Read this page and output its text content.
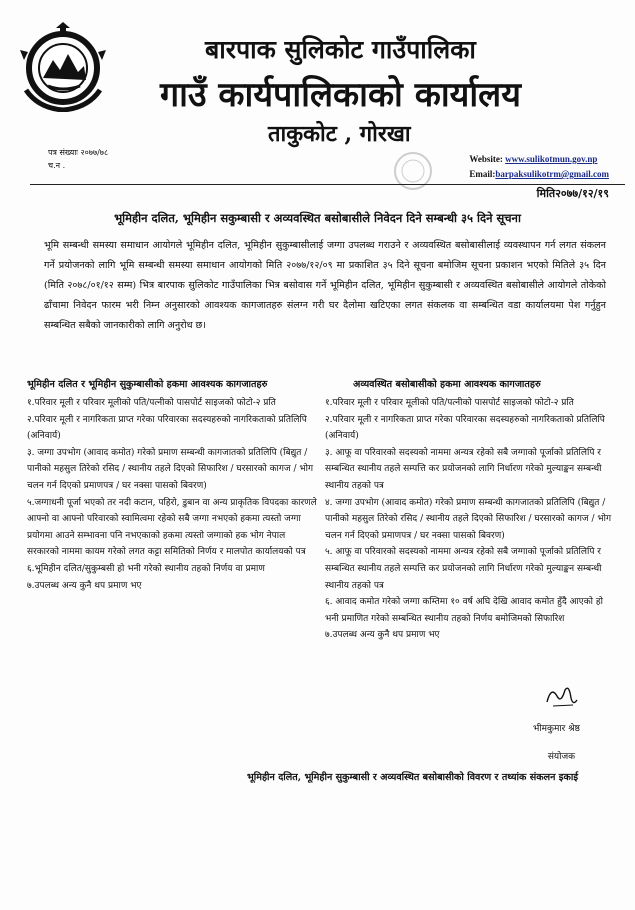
बारपाक सुलिकोट गाउँपालिका
गाउँ कार्यपालिकाको कार्यालय
ताकुकोट , गोरखा
पत्र संख्याः २०७७/७८
च.न .
Website: www.sulikotmun.gov.np
Email:barpaksulikotrm@gmail.com
मिति२०७७/१२/१९
भूमिहीन दलित, भूमिहीन सकुम्बासी र अव्यवस्थित बसोबासीले निवेदन दिने सम्बन्धी ३५ दिने सूचना

भूमि सम्बन्धी समस्या समाधान आयोगले भूमिहीन दलित, भूमिहीन सुकुम्बासीलाई जग्गा उपलब्ध गराउने र अव्यवस्थित बसोबासीलाई व्यवस्थापन गर्न लगत संकलन गर्ने प्रयोजनको लागि भूमि सम्बन्धी समस्या समाधान आयोगको मिति २०७७/१२/०९ मा प्रकाशित ३५ दिने सूचना बमोजिम सूचना प्रकाशन भएको मितिले ३५ दिन (मिति २०७८/०१/१२ सम्म) भित्र बारपाक सुलिकोट गाउँपालिका भित्र बसोवास गर्ने भूमिहीन दलित, भूमिहीन सुकुम्बासी र अव्यवस्थित बसोबासीले आयोगले तोकेको ढाँचामा निवेदन फारम भरी निम्न अनुसारको आवश्यक कागजातहरु संलग्न गरी घर दैलोमा खटिएका लगत संकलक वा सम्बन्धित वडा कार्यालयमा पेश गर्नुहुन सम्बन्धित सबैको जानकारीको लागि अनुरोध छ।

भूमिहीन दलित र भूमिहीन सुकुम्बासीको हकमा आवश्यक कागजातहरु
१.परिवार मूली र परिवार मूलीको पति/पत्नीको पासपोर्ट साइजको फोटो-२ प्रति
२.परिवार मूली र नागरिकता प्राप्त गरेका परिवारका सदस्यहरुको नागरिकताको प्रतिलिपि (अनिवार्य)
३. जग्गा उपभोग (आवाद कमोत) गरेको प्रमाण सम्बन्धी कागजातको प्रतिलिपि (बिद्युत / पानीको महसुल तिरेको रसिद / स्थानीय तहले दिएको सिफारिश / घरसारको कागज / भोग चलन गर्न दिएको प्रमाणपत्र / घर नक्सा पासको बिवरण)
५.जग्गाधनी पूर्जा भएको तर नदी कटान, पहिरो, डुबान वा अन्य प्राकृतिक विपदका कारणले आफ्नो वा आफ्नो परिवारको स्वामित्वमा रहेको सबै जग्गा नभएको हकमा त्यस्तो जग्गा प्रयोगमा आउने सम्भावना पनि नभएकाको हकमा त्यस्तो जग्गाको हक भोग नेपाल सरकारको नाममा कायम गरेको लगत कट्टा समितिको निर्णय र मालपोत कार्यालयको पत्र
६.भूमिहीन दलित/सुकुम्बसी हो भनी गरेको स्थानीय तहको निर्णय वा प्रमाण
७.उपलब्ध अन्य कुनै थप प्रमाण भए
अव्यवस्थित बसोबासीको हकमा आवश्यक कागजातहरु
१.परिवार मूली र परिवार मूलीको पति/पत्नीको पासपोर्ट साइजको फोटो-२ प्रति
२.परिवार मूली र नागरिकता प्राप्त गरेका परिवारका सदस्यहरुको नागरिकताको प्रतिलिपि (अनिवार्य)
३. आफू वा परिवारको सदस्यको नाममा अन्यत्र रहेको सबै जग्गाको पूर्जाको प्रतिलिपि र सम्बन्धित स्थानीय तहले सम्पत्ति कर प्रयोजनको लागि निर्धारण गरेको मुल्याङ्कन सम्बन्धी स्थानीय तहको पत्र
४. जग्गा उपभोग (आवाद कमोत) गरेको प्रमाण सम्बन्धी कागजातको प्रतिलिपि (बिद्युत / पानीको महसुल तिरेको रसिद / स्थानीय तहले दिएको सिफारिश / घरसारको कागज / भोग चलन गर्न दिएको प्रमाणपत्र / घर नक्सा पासको बिवरण)
५. आफू वा परिवारको सदस्यको नाममा अन्यत्र रहेको सबै जग्गाको पूर्जाको प्रतिलिपि र सम्बन्धित स्थानीय तहले सम्पत्ति कर प्रयोजनको लागि निर्धारण गरेको मुल्याङ्कन सम्बन्धी स्थानीय तहको पत्र
६. आवाद कमोत गरेको जग्गा कम्तिमा १० वर्ष अघि देखि आवाद कमोत हुँदै आएको हो भनी प्रमाणित गरेको सम्बन्धित स्थानीय तहको निर्णय बमोजिमको सिफारिश
७.उपलब्ध अन्य कुनै थप प्रमाण भए
भीमकुमार श्रेष्ठ
संयोजक
भूमिहीन दलित, भूमिहीन सुकुम्बासी र अव्यवस्थित बसोबासीको विवरण र तथ्यांक संकलन इकाई
